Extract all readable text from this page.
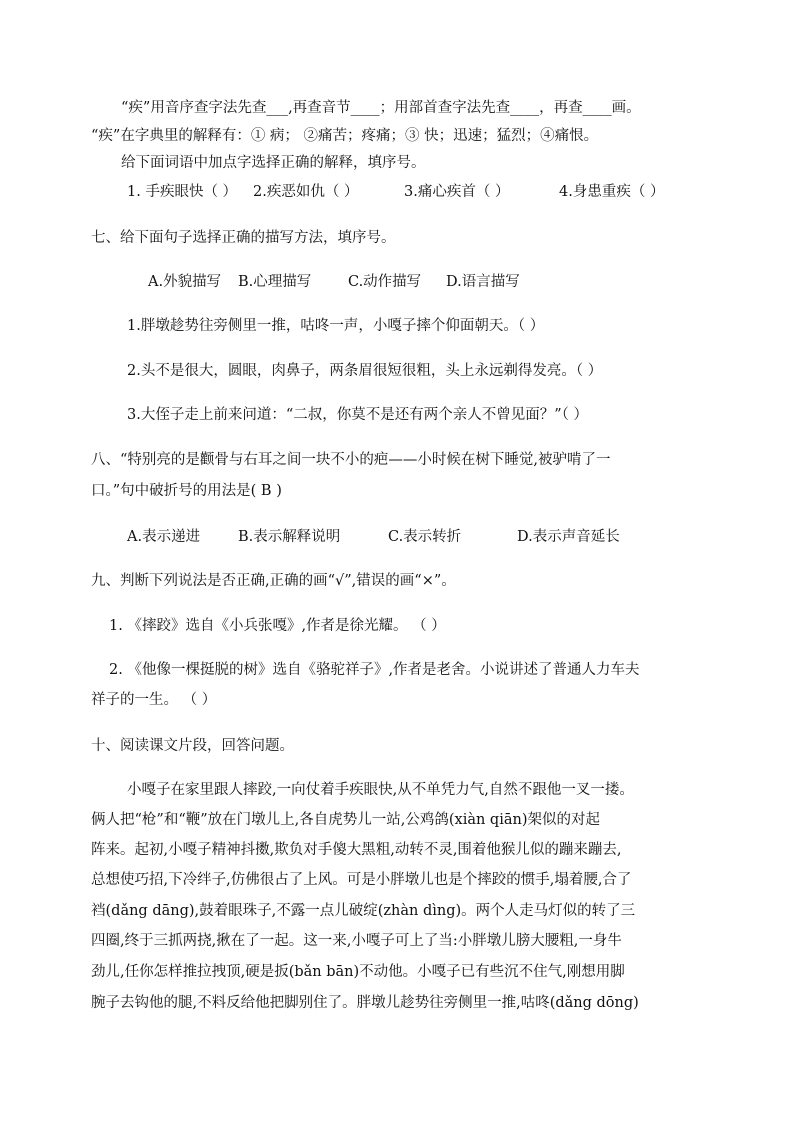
“疾”用音序查字法先查___,再查音节____；用部首查字法先查____，再查____画。
“疾”在字典里的解释有：① 病； ②痛苦；疼痛；③ 快；迅速；猛烈；④痛恨。
给下面词语中加点字选择正确的解释，填序号。
1. 手疾眼快（ ） 2.疾恶如仇（ ）	3.痛心疾首（ ）	4.身患重疾（ ）
七、给下面句子选择正确的描写方法，填序号。
A.外貌描写 B.心理描写	C.动作描写 D.语言描写
1.胖墩趁势往旁侧里一推，咕咚一声，小嘎子摔个仰面朝天。（ ）
2.头不是很大，圆眼，肉鼻子，两条眉很短很粗，头上永远剃得发亮。（ ）
3.大侄子走上前来问道：“二叔，你莫不是还有两个亲人不曾见面？”（ ）
八、“特别亮的是颧骨与右耳之间一块不小的疤——小时候在树下睡觉,被驴啃了一
口。”句中破折号的用法是( B )
A.表示递进	B.表示解释说明	C.表示转折	D.表示声音延长
九、判断下列说法是否正确,正确的画“√”,错误的画“×”。
1. 《摔跤》选自《小兵张嘎》,作者是徐光耀。 （ ）
2. 《他像一棵挺脱的树》选自《骆驼祥子》,作者是老舍。小说讲述了普通人力车夫
祥子的一生。 （ ）
十、阅读课文片段，回答问题。
小嘎子在家里跟人摔跤,一向仗着手疾眼快,从不单凭力气,自然不跟他一叉一搂。
俩人把“枪”和“鞭”放在门墩儿上,各自虎势儿一站,公鸡鸽(xiàn qiān)架似的对起
阵来。起初,小嘎子精神抖擞,欺负对手傻大黑粗,动转不灵,围着他猴儿似的蹦来蹦去,
总想使巧招,下冷绊子,仿佛很占了上风。可是小胖墩儿也是个摔跤的惯手,塌着腰,合了
裆(dǎng dāng),鼓着眼珠子,不露一点儿破绽(zhàn dìng)。两个人走马灯似的转了三
四圈,终于三抓两挠,揪在了一起。这一来,小嘎子可上了当:小胖墩儿膀大腰粗,一身牛
劲儿,任你怎样推拉拽顶,硬是扳(bǎn bān)不动他。小嘎子已有些沉不住气,刚想用脚
腕子去钩他的腿,不料反给他把脚别住了。胖墩儿趁势往旁侧里一推,咕咚(dǎng dōng)
